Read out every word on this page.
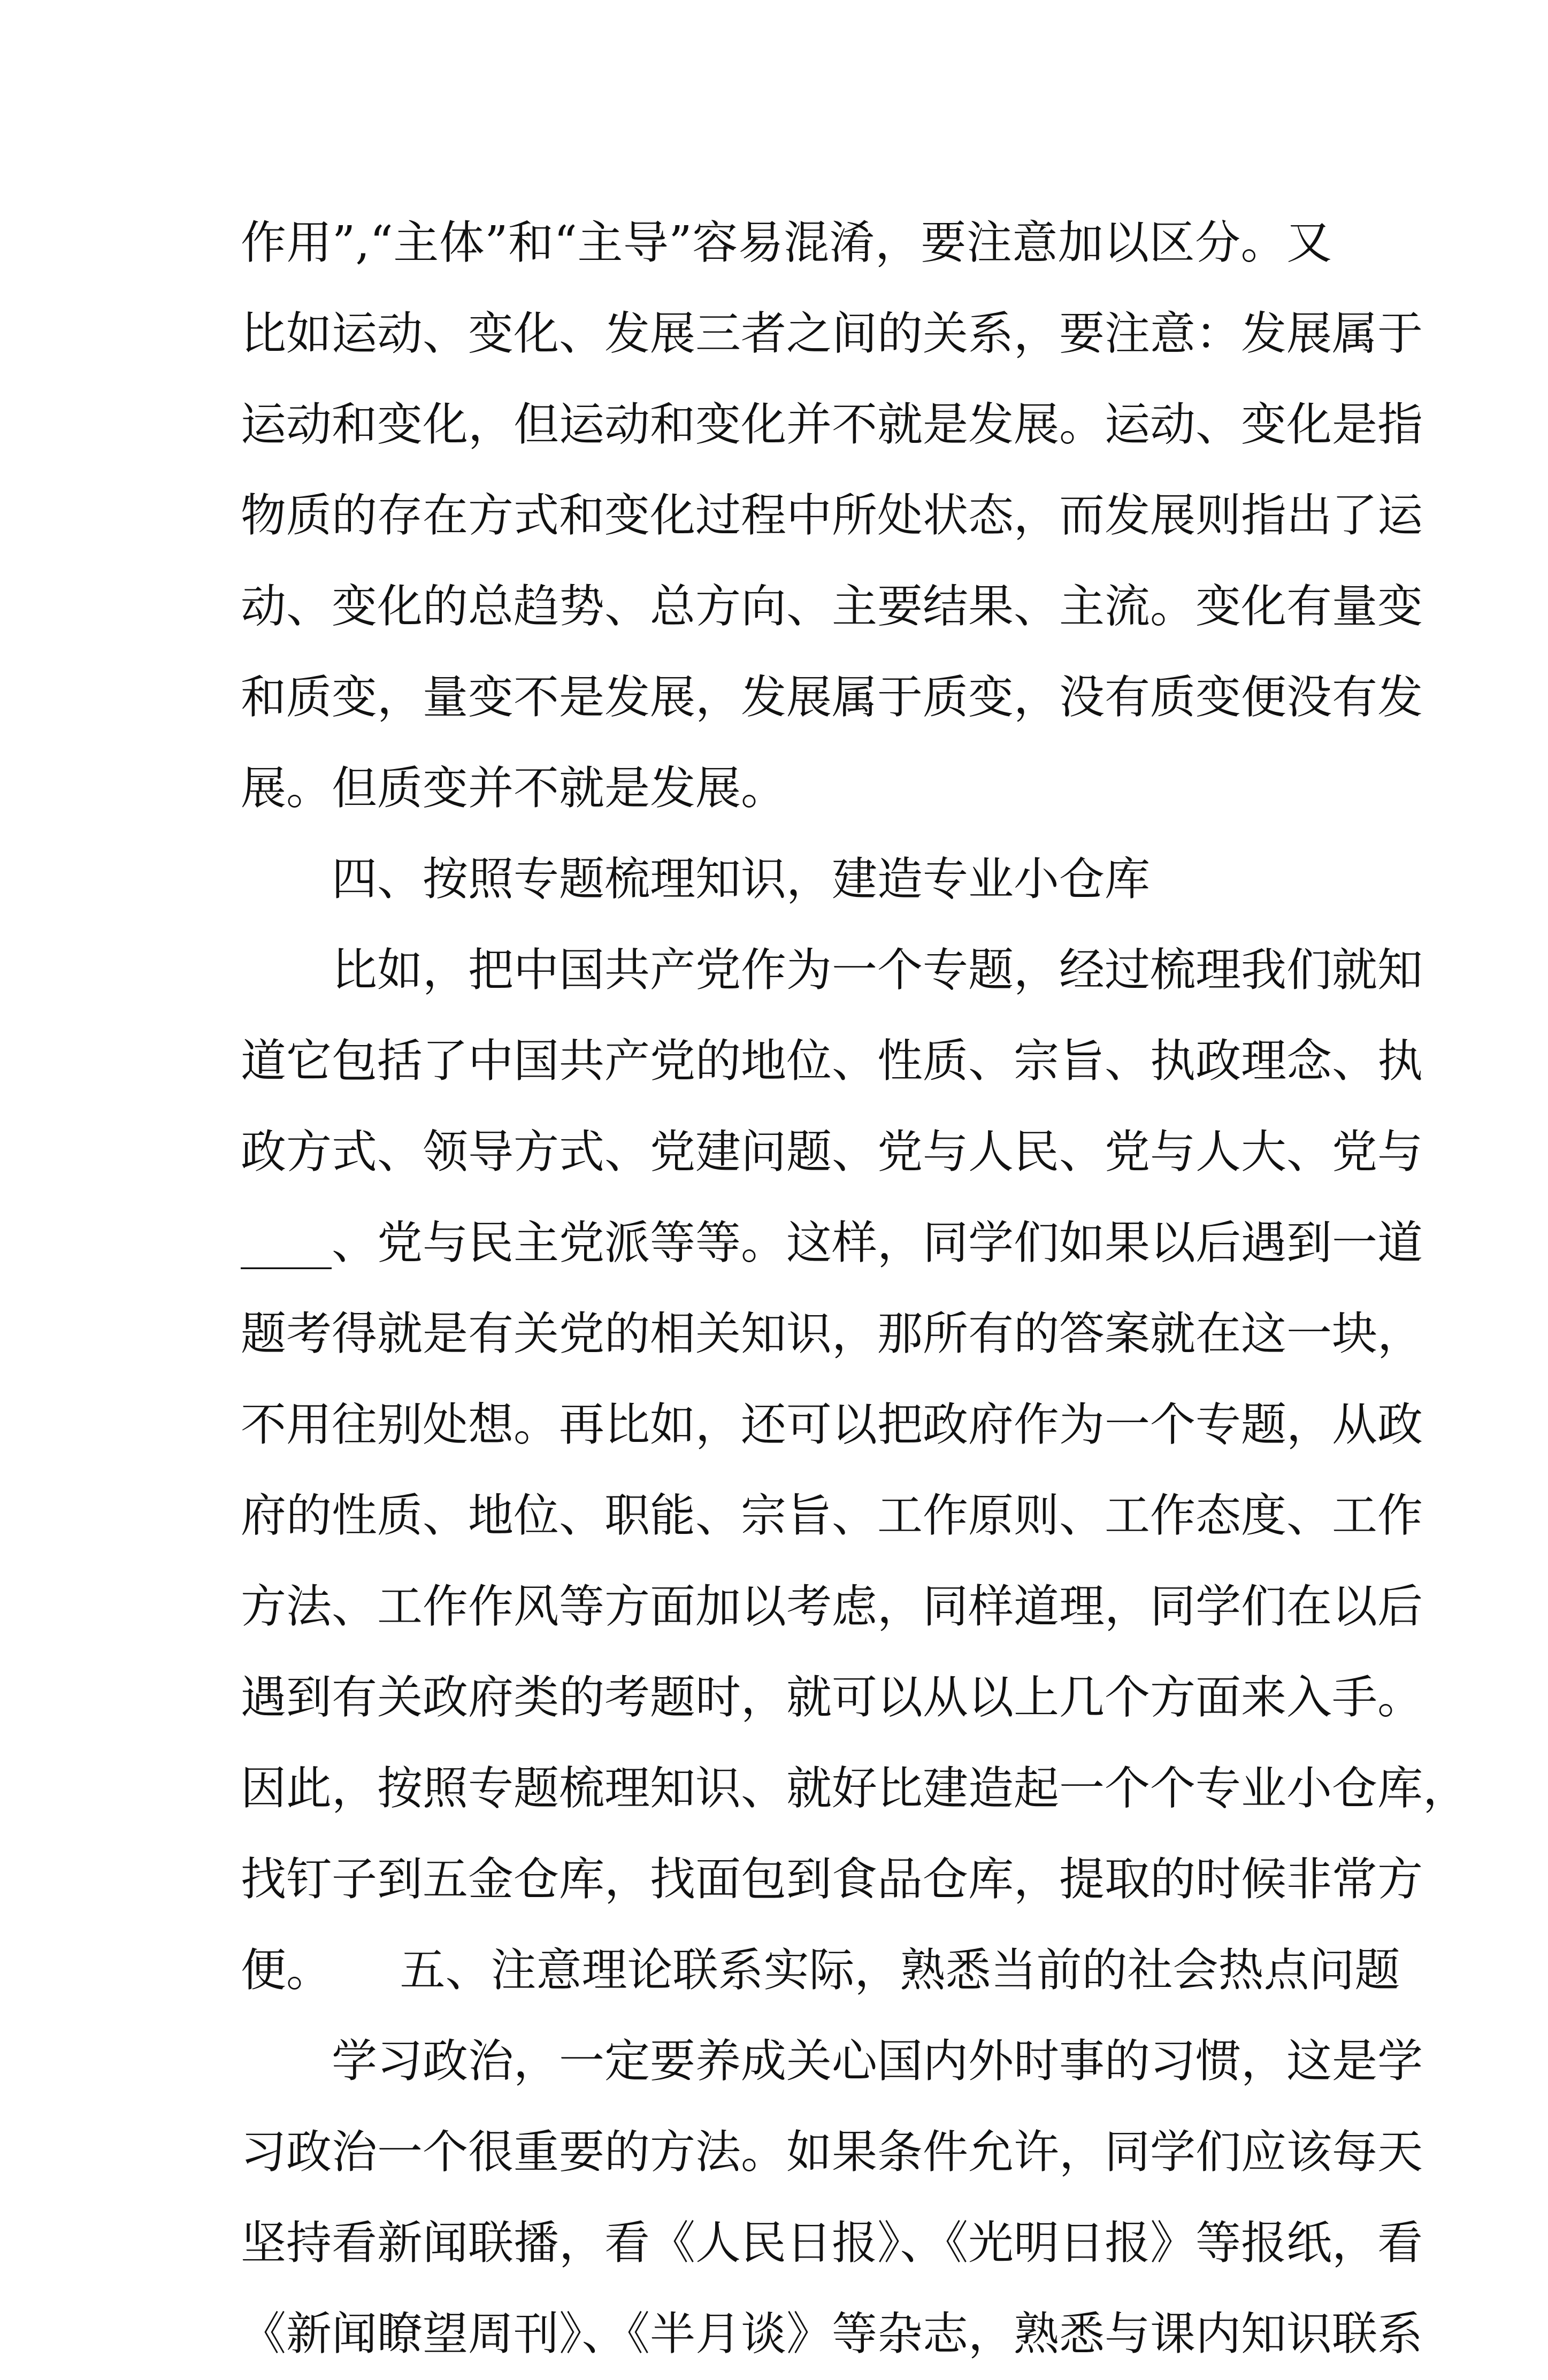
作用”,“主体”和“主导”容易混淆，要注意加以区分。又
比如运动、变化、发展三者之间的关系，要注意：发展属于
运动和变化，但运动和变化并不就是发展。运动、变化是指
物质的存在方式和变化过程中所处状态，而发展则指出了运
动、变化的总趋势、总方向、主要结果、主流。变化有量变
和质变，量变不是发展，发展属于质变，没有质变便没有发
展。但质变并不就是发展。
四、按照专题梳理知识，建造专业小仓库
比如，把中国共产党作为一个专题，经过梳理我们就知
道它包括了中国共产党的地位、性质、宗旨、执政理念、执
政方式、领导方式、党建问题、党与人民、党与人大、党与
____、党与民主党派等等。这样，同学们如果以后遇到一道
题考得就是有关党的相关知识，那所有的答案就在这一块，
不用往别处想。再比如，还可以把政府作为一个专题，从政
府的性质、地位、职能、宗旨、工作原则、工作态度、工作
方法、工作作风等方面加以考虑，同样道理，同学们在以后
遇到有关政府类的考题时，就可以从以上几个方面来入手。
因此，按照专题梳理知识、就好比建造起一个个专业小仓库，
找钉子到五金仓库，找面包到食品仓库，提取的时候非常方
便。　　五、注意理论联系实际，熟悉当前的社会热点问题
学习政治，一定要养成关心国内外时事的习惯，这是学
习政治一个很重要的方法。如果条件允许，同学们应该每天
坚持看新闻联播，看《人民日报》、《光明日报》等报纸，看
《新闻瞭望周刊》、《半月谈》等杂志，熟悉与课内知识联系
